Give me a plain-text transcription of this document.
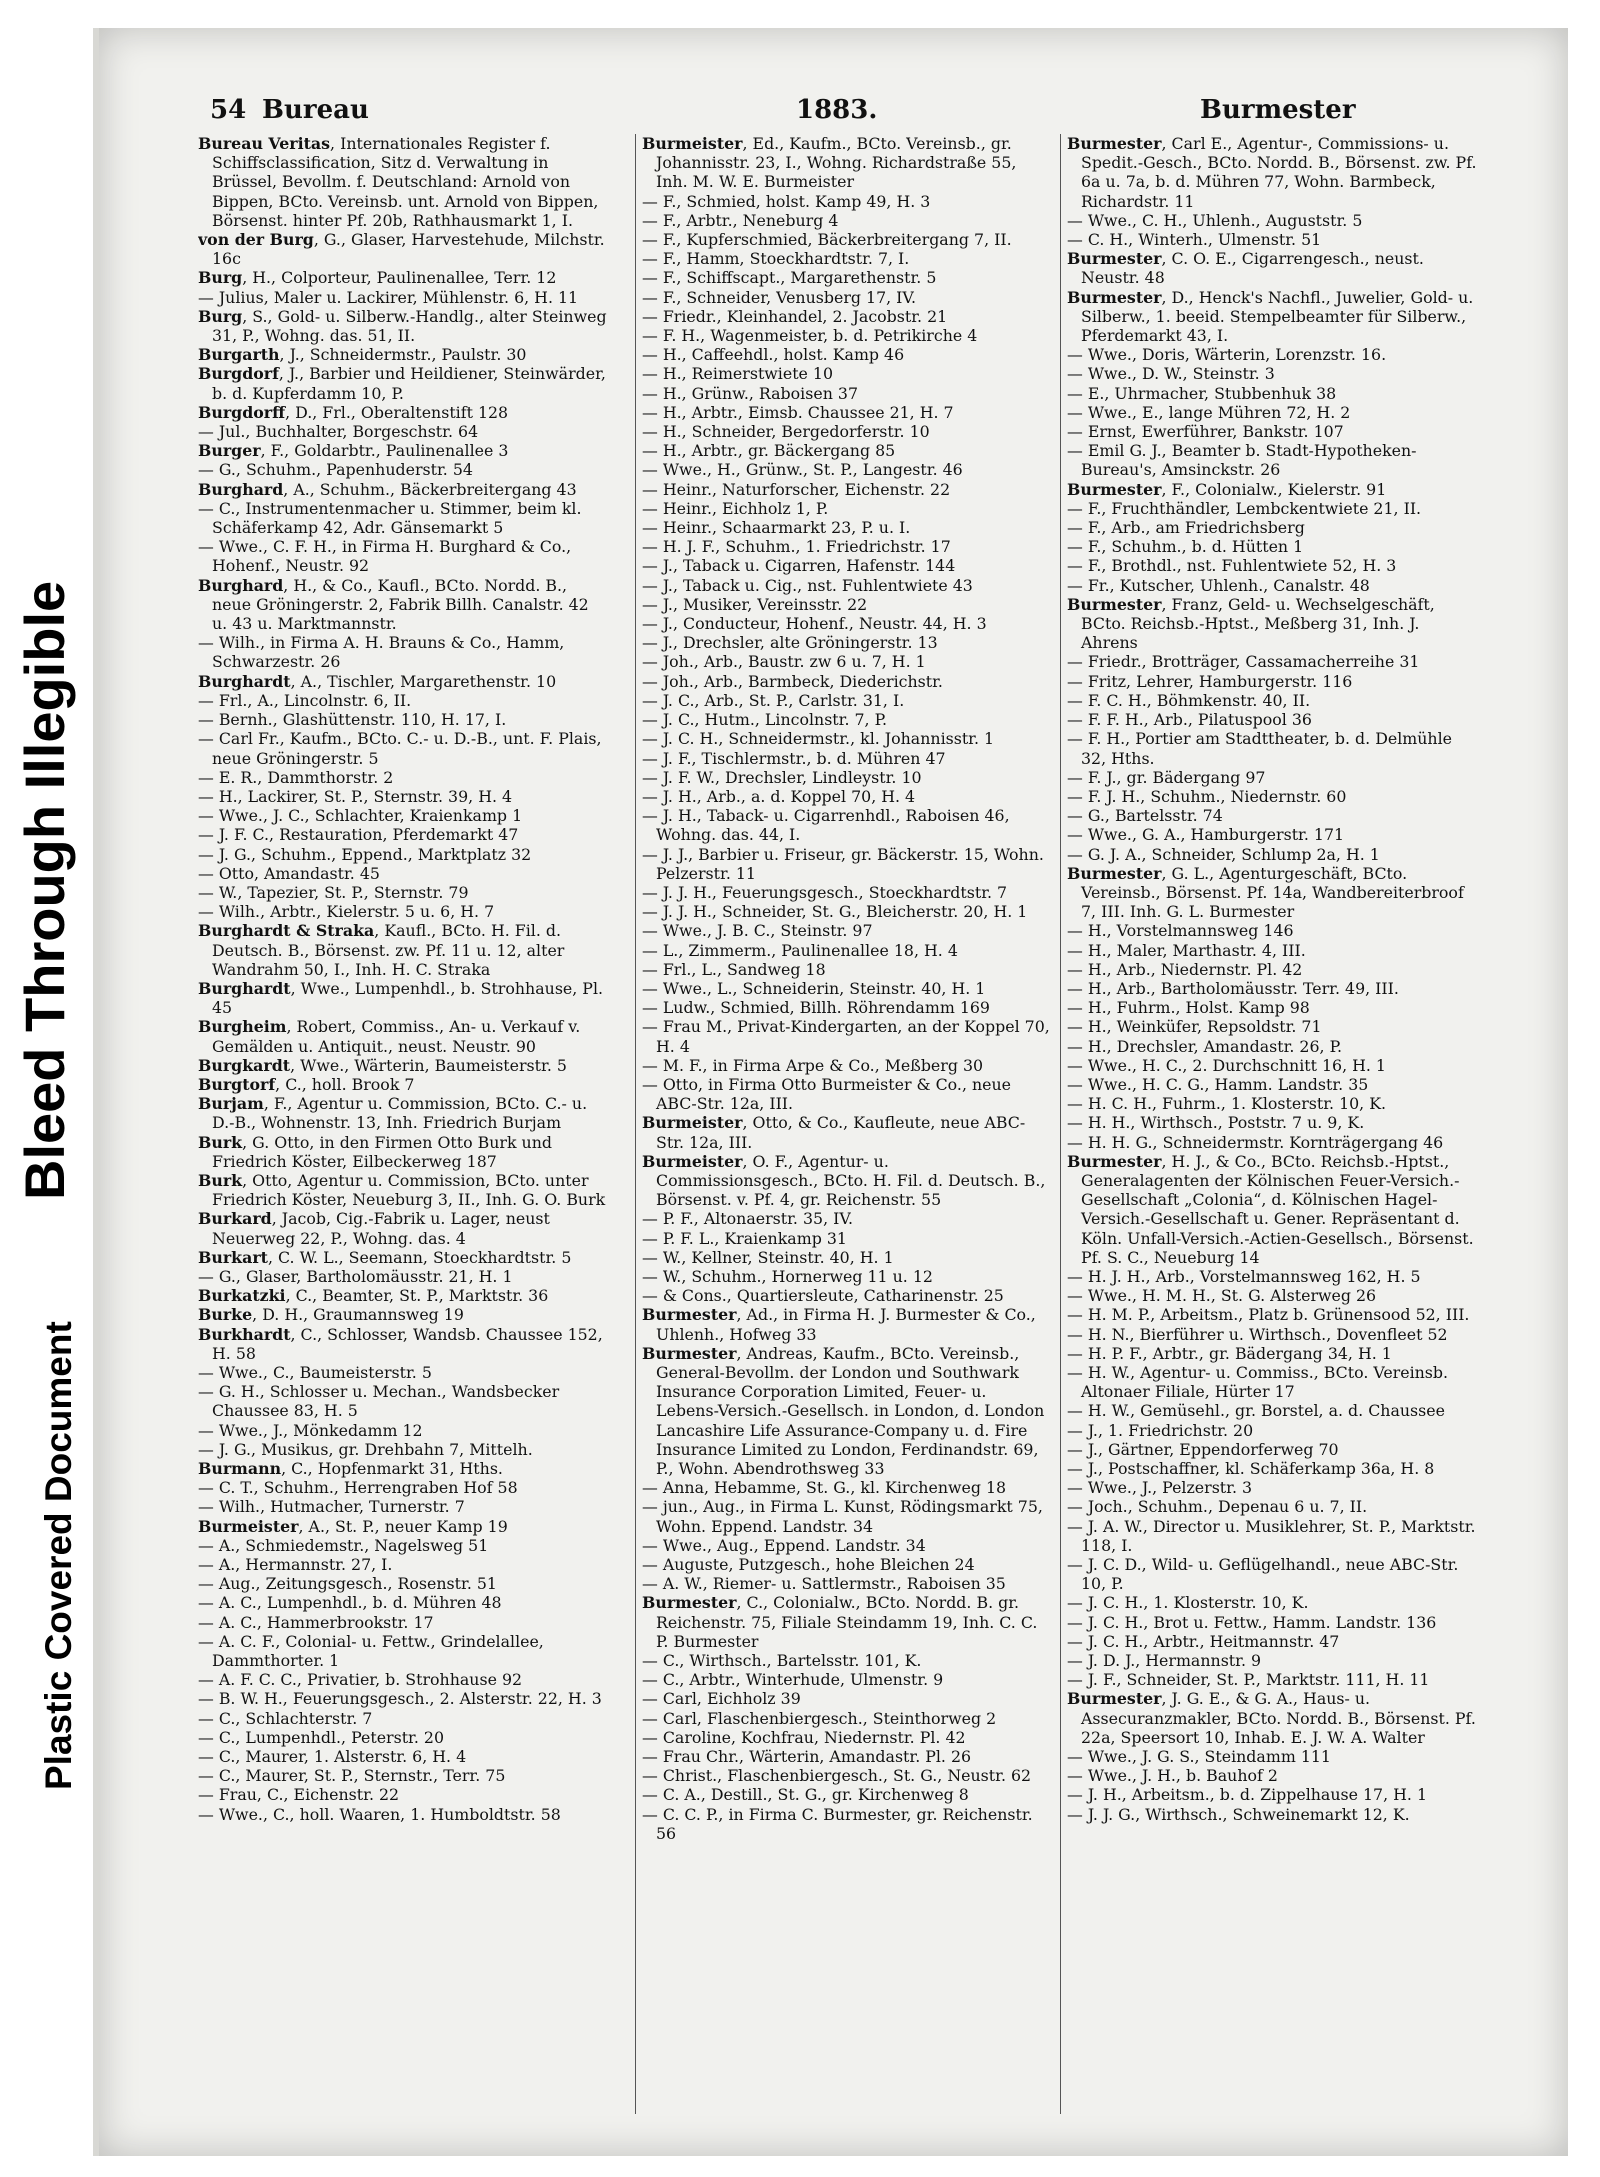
Bleed Through Illegible

Plastic Covered Document

54 Bureau	1883.	Burmester

Bureau Veritas, Internationales Register f. Schiffsclassification, Sitz d. Verwaltung in Brüssel, Bevollm. f. Deutschland: Arnold von Bippen, BCto. Vereinsb. unt. Arnold von Bippen, Börsenst. hinter Pf. 20b, Rathhausmarkt 1, I.

von der Burg, G., Glaser, Harvestehude, Milchstr. 16c

Burg, H., Colporteur, Paulinenallee, Terr. 12

— Julius, Maler u. Lackirer, Mühlenstr. 6, H. 11

Burg, S., Gold- u. Silberw.-Handlg., alter Steinweg 31, P., Wohng. das. 51, II.

Burgarth, J., Schneidermstr., Paulstr. 30

Burgdorf, J., Barbier und Heildiener, Steinwärder, b. d. Kupferdamm 10, P.

Burgdorff, D., Frl., Oberaltenstift 128

— Jul., Buchhalter, Borgeschstr. 64

Burger, F., Goldarbtr., Paulinenallee 3

— G., Schuhm., Papenhuderstr. 54

Burghard, A., Schuhm., Bäckerbreitergang 43

— C., Instrumentenmacher u. Stimmer, beim kl. Schäferkamp 42, Adr. Gänsemarkt 5

— Wwe., C. F. H., in Firma H. Burghard & Co., Hohenf., Neustr. 92

Burghard, H., & Co., Kaufl., BCto. Nordd. B., neue Gröningerstr. 2, Fabrik Billh. Canalstr. 42 u. 43 u. Marktmannstr.

— Wilh., in Firma A. H. Brauns & Co., Hamm, Schwarzestr. 26

Burghardt, A., Tischler, Margarethenstr. 10

— Frl., A., Lincolnstr. 6, II.

— Bernh., Glashüttenstr. 110, H. 17, I.

— Carl Fr., Kaufm., BCto. C.- u. D.-B., unt. F. Plais, neue Gröningerstr. 5

— E. R., Dammthorstr. 2

— H., Lackirer, St. P., Sternstr. 39, H. 4

— Wwe., J. C., Schlachter, Kraienkamp 1

— J. F. C., Restauration, Pferdemarkt 47

— J. G., Schuhm., Eppend., Marktplatz 32

— Otto, Amandastr. 45

— W., Tapezier, St. P., Sternstr. 79

— Wilh., Arbtr., Kielerstr. 5 u. 6, H. 7

Burghardt & Straka, Kaufl., BCto. H. Fil. d. Deutsch. B., Börsenst. zw. Pf. 11 u. 12, alter Wandrahm 50, I., Inh. H. C. Straka

Burghardt, Wwe., Lumpenhdl., b. Strohhause, Pl. 45

Burgheim, Robert, Commiss., An- u. Verkauf v. Gemälden u. Antiquit., neust. Neustr. 90

Burgkardt, Wwe., Wärterin, Baumeisterstr. 5

Burgtorf, C., holl. Brook 7

Burjam, F., Agentur u. Commission, BCto. C.- u. D.-B., Wohnenstr. 13, Inh. Friedrich Burjam

Burk, G. Otto, in den Firmen Otto Burk und Friedrich Köster, Eilbeckerweg 187

Burk, Otto, Agentur u. Commission, BCto. unter Friedrich Köster, Neueburg 3, II., Inh. G. O. Burk

Burkard, Jacob, Cig.-Fabrik u. Lager, neust Neuerweg 22, P., Wohng. das. 4

Burkart, C. W. L., Seemann, Stoeckhardtstr. 5

— G., Glaser, Bartholomäusstr. 21, H. 1

Burkatzki, C., Beamter, St. P., Marktstr. 36

Burke, D. H., Graumannsweg 19

Burkhardt, C., Schlosser, Wandsb. Chaussee 152, H. 58

— Wwe., C., Baumeisterstr. 5

— G. H., Schlosser u. Mechan., Wandsbecker Chaussee 83, H. 5

— Wwe., J., Mönkedamm 12

— J. G., Musikus, gr. Drehbahn 7, Mittelh.

Burmann, C., Hopfenmarkt 31, Hths.

— C. T., Schuhm., Herrengraben Hof 58

— Wilh., Hutmacher, Turnerstr. 7

Burmeister, A., St. P., neuer Kamp 19

— A., Schmiedemstr., Nagelsweg 51

— A., Hermannstr. 27, I.

— Aug., Zeitungsgesch., Rosenstr. 51

— A. C., Lumpenhdl., b. d. Mühren 48

— A. C., Hammerbrookstr. 17

— A. C. F., Colonial- u. Fettw., Grindelallee, Dammthorter. 1

— A. F. C. C., Privatier, b. Strohhause 92

— B. W. H., Feuerungsgesch., 2. Alsterstr. 22, H. 3

— C., Schlachterstr. 7

— C., Lumpenhdl., Peterstr. 20

— C., Maurer, 1. Alsterstr. 6, H. 4

— C., Maurer, St. P., Sternstr., Terr. 75

— Frau, C., Eichenstr. 22

— Wwe., C., holl. Waaren, 1. Humboldtstr. 58

Burmeister, Ed., Kaufm., BCto. Vereinsb., gr. Johannisstr. 23, I., Wohng. Richardstraße 55, Inh. M. W. E. Burmeister

— F., Schmied, holst. Kamp 49, H. 3

— F., Arbtr., Neneburg 4

— F., Kupferschmied, Bäckerbreitergang 7, II.

— F., Hamm, Stoeckhardtstr. 7, I.

— F., Schiffscapt., Margarethenstr. 5

— F., Schneider, Venusberg 17, IV.

— Friedr., Kleinhandel, 2. Jacobstr. 21

— F. H., Wagenmeister, b. d. Petrikirche 4

— H., Caffeehdl., holst. Kamp 46

— H., Reimerstwiete 10

— H., Grünw., Raboisen 37

— H., Arbtr., Eimsb. Chaussee 21, H. 7

— H., Schneider, Bergedorferstr. 10

— H., Arbtr., gr. Bäckergang 85

— Wwe., H., Grünw., St. P., Langestr. 46

— Heinr., Naturforscher, Eichenstr. 22

— Heinr., Eichholz 1, P.

— Heinr., Schaarmarkt 23, P. u. I.

— H. J. F., Schuhm., 1. Friedrichstr. 17

— J., Taback u. Cigarren, Hafenstr. 144

— J., Taback u. Cig., nst. Fuhlentwiete 43

— J., Musiker, Vereinsstr. 22

— J., Conducteur, Hohenf., Neustr. 44, H. 3

— J., Drechsler, alte Gröningerstr. 13

— Joh., Arb., Baustr. zw 6 u. 7, H. 1

— Joh., Arb., Barmbeck, Diederichstr.

— J. C., Arb., St. P., Carlstr. 31, I.

— J. C., Hutm., Lincolnstr. 7, P.

— J. C. H., Schneidermstr., kl. Johannisstr. 1

— J. F., Tischlermstr., b. d. Mühren 47

— J. F. W., Drechsler, Lindleystr. 10

— J. H., Arb., a. d. Koppel 70, H. 4

— J. H., Taback- u. Cigarrenhdl., Raboisen 46, Wohng. das. 44, I.

— J. J., Barbier u. Friseur, gr. Bäckerstr. 15, Wohn. Pelzerstr. 11

— J. J. H., Feuerungsgesch., Stoeckhardtstr. 7

— J. J. H., Schneider, St. G., Bleicherstr. 20, H. 1

— Wwe., J. B. C., Steinstr. 97

— L., Zimmerm., Paulinenallee 18, H. 4

— Frl., L., Sandweg 18

— Wwe., L., Schneiderin, Steinstr. 40, H. 1

— Ludw., Schmied, Billh. Röhrendamm 169

— Frau M., Privat-Kindergarten, an der Koppel 70, H. 4

— M. F., in Firma Arpe & Co., Meßberg 30

— Otto, in Firma Otto Burmeister & Co., neue ABC-Str. 12a, III.

Burmeister, Otto, & Co., Kaufleute, neue ABC-Str. 12a, III.

Burmeister, O. F., Agentur- u. Commissionsgesch., BCto. H. Fil. d. Deutsch. B., Börsenst. v. Pf. 4, gr. Reichenstr. 55

— P. F., Altonaerstr. 35, IV.

— P. F. L., Kraienkamp 31

— W., Kellner, Steinstr. 40, H. 1

— W., Schuhm., Hornerweg 11 u. 12

— & Cons., Quartiersleute, Catharinenstr. 25

Burmester, Ad., in Firma H. J. Burmester & Co., Uhlenh., Hofweg 33

Burmester, Andreas, Kaufm., BCto. Vereinsb., General-Bevollm. der London und Southwark Insurance Corporation Limited, Feuer- u. Lebens-Versich.-Gesellsch. in London, d. London Lancashire Life Assurance-Company u. d. Fire Insurance Limited zu London, Ferdinandstr. 69, P., Wohn. Abendrothsweg 33

— Anna, Hebamme, St. G., kl. Kirchenweg 18

— jun., Aug., in Firma L. Kunst, Rödingsmarkt 75, Wohn. Eppend. Landstr. 34

— Wwe., Aug., Eppend. Landstr. 34

— Auguste, Putzgesch., hohe Bleichen 24

— A. W., Riemer- u. Sattlermstr., Raboisen 35

Burmester, C., Colonialw., BCto. Nordd. B. gr. Reichenstr. 75, Filiale Steindamm 19, Inh. C. C. P. Burmester

— C., Wirthsch., Bartelsstr. 101, K.

— C., Arbtr., Winterhude, Ulmenstr. 9

— Carl, Eichholz 39

— Carl, Flaschenbiergesch., Steinthorweg 2

— Caroline, Kochfrau, Niedernstr. Pl. 42

— Frau Chr., Wärterin, Amandastr. Pl. 26

— Christ., Flaschenbiergesch., St. G., Neustr. 62

— C. A., Destill., St. G., gr. Kirchenweg 8

— C. C. P., in Firma C. Burmester, gr. Reichenstr. 56

Burmester, Carl E., Agentur-, Commissions- u. Spedit.-Gesch., BCto. Nordd. B., Börsenst. zw. Pf. 6a u. 7a, b. d. Mühren 77, Wohn. Barmbeck, Richardstr. 11

— Wwe., C. H., Uhlenh., Auguststr. 5

— C. H., Winterh., Ulmenstr. 51

Burmester, C. O. E., Cigarrengesch., neust. Neustr. 48

Burmester, D., Henck's Nachfl., Juwelier, Gold- u. Silberw., 1. beeid. Stempelbeamter für Silberw., Pferdemarkt 43, I.

— Wwe., Doris, Wärterin, Lorenzstr. 16.

— Wwe., D. W., Steinstr. 3

— E., Uhrmacher, Stubbenhuk 38

— Wwe., E., lange Mühren 72, H. 2

— Ernst, Ewerführer, Bankstr. 107

— Emil G. J., Beamter b. Stadt-Hypotheken-Bureau's, Amsinckstr. 26

Burmester, F., Colonialw., Kielerstr. 91

— F., Fruchthändler, Lembckentwiete 21, II.

— F., Arb., am Friedrichsberg

— F., Schuhm., b. d. Hütten 1

— F., Brothdl., nst. Fuhlentwiete 52, H. 3

— Fr., Kutscher, Uhlenh., Canalstr. 48

Burmester, Franz, Geld- u. Wechselgeschäft, BCto. Reichsb.-Hptst., Meßberg 31, Inh. J. Ahrens

— Friedr., Brotträger, Cassamacherreihe 31

— Fritz, Lehrer, Hamburgerstr. 116

— F. C. H., Böhmkenstr. 40, II.

— F. F. H., Arb., Pilatuspool 36

— F. H., Portier am Stadttheater, b. d. Delmühle 32, Hths.

— F. J., gr. Bädergang 97

— F. J. H., Schuhm., Niedernstr. 60

— G., Bartelsstr. 74

— Wwe., G. A., Hamburgerstr. 171

— G. J. A., Schneider, Schlump 2a, H. 1

Burmester, G. L., Agenturgeschäft, BCto. Vereinsb., Börsenst. Pf. 14a, Wandbereiterbroof 7, III. Inh. G. L. Burmester

— H., Vorstelmannsweg 146

— H., Maler, Marthastr. 4, III.

— H., Arb., Niedernstr. Pl. 42

— H., Arb., Bartholomäusstr. Terr. 49, III.

— H., Fuhrm., Holst. Kamp 98

— H., Weinküfer, Repsoldstr. 71

— H., Drechsler, Amandastr. 26, P.

— Wwe., H. C., 2. Durchschnitt 16, H. 1

— Wwe., H. C. G., Hamm. Landstr. 35

— H. C. H., Fuhrm., 1. Klosterstr. 10, K.

— H. H., Wirthsch., Poststr. 7 u. 9, K.

— H. H. G., Schneidermstr. Kornträgergang 46

Burmester, H. J., & Co., BCto. Reichsb.-Hptst., Generalagenten der Kölnischen Feuer-Versich.-Gesellschaft „Colonia“, d. Kölnischen Hagel-Versich.-Gesellschaft u. Gener. Repräsentant d. Köln. Unfall-Versich.-Actien-Gesellsch., Börsenst. Pf. S. C., Neueburg 14

— H. J. H., Arb., Vorstelmannsweg 162, H. 5

— Wwe., H. M. H., St. G. Alsterweg 26

— H. M. P., Arbeitsm., Platz b. Grünensood 52, III.

— H. N., Bierführer u. Wirthsch., Dovenfleet 52

— H. P. F., Arbtr., gr. Bädergang 34, H. 1

— H. W., Agentur- u. Commiss., BCto. Vereinsb. Altonaer Filiale, Hürter 17

— H. W., Gemüsehl., gr. Borstel, a. d. Chaussee

— J., 1. Friedrichstr. 20

— J., Gärtner, Eppendorferweg 70

— J., Postschaffner, kl. Schäferkamp 36a, H. 8

— Wwe., J., Pelzerstr. 3

— Joch., Schuhm., Depenau 6 u. 7, II.

— J. A. W., Director u. Musiklehrer, St. P., Marktstr. 118, I.

— J. C. D., Wild- u. Geflügelhandl., neue ABC-Str. 10, P.

— J. C. H., 1. Klosterstr. 10, K.

— J. C. H., Brot u. Fettw., Hamm. Landstr. 136

— J. C. H., Arbtr., Heitmannstr. 47

— J. D. J., Hermannstr. 9

— J. F., Schneider, St. P., Marktstr. 111, H. 11

Burmester, J. G. E., & G. A., Haus- u. Assecuranzmakler, BCto. Nordd. B., Börsenst. Pf. 22a, Speersort 10, Inhab. E. J. W. A. Walter

— Wwe., J. G. S., Steindamm 111

— Wwe., J. H., b. Bauhof 2

— J. H., Arbeitsm., b. d. Zippelhause 17, H. 1

— J. J. G., Wirthsch., Schweinemarkt 12, K.
